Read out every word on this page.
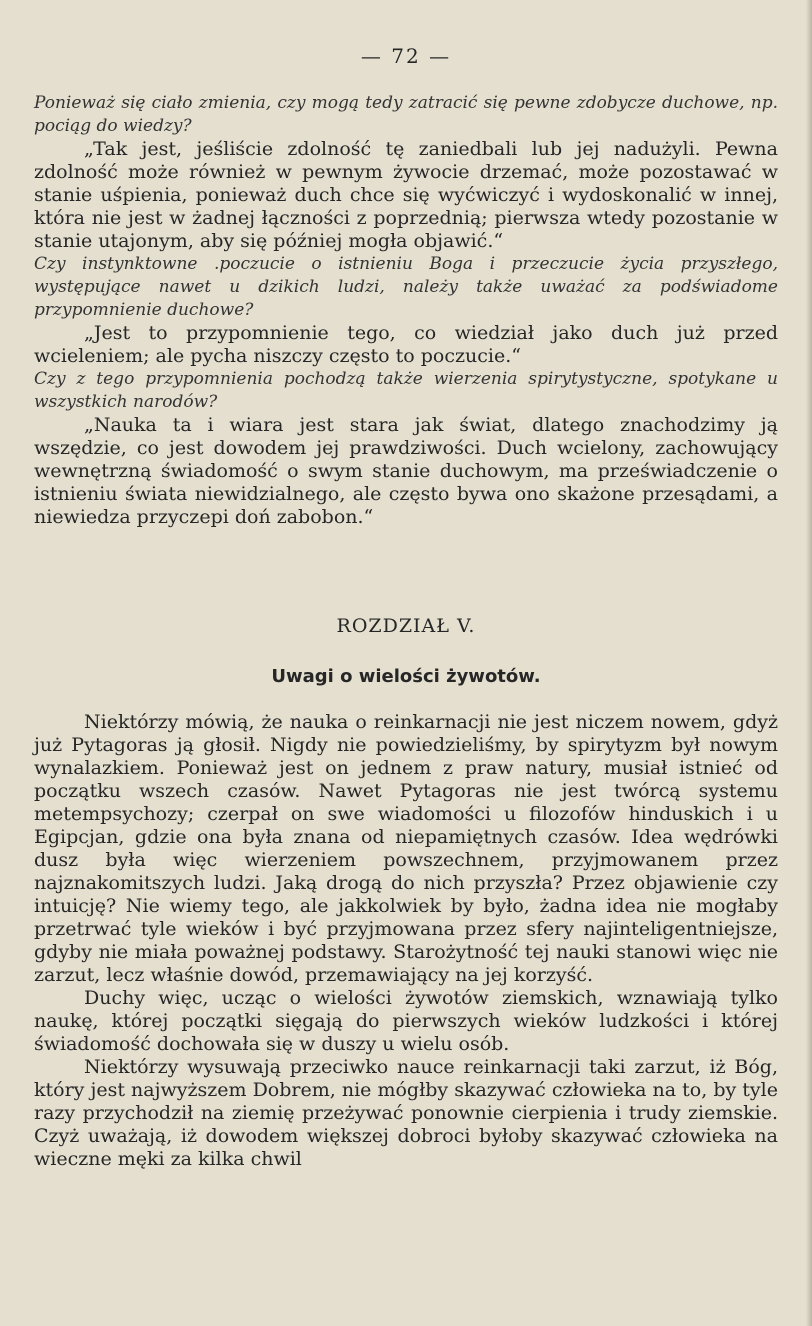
— 72 —

Ponieważ się ciało zmienia, czy mogą tedy zatracić się pewne zdobycze duchowe, np. pociąg do wiedzy?

„Tak jest, jeśliście zdolność tę zaniedbali lub jej nadużyli. Pewna zdolność może również w pewnym żywocie drzemać, może pozostawać w stanie uśpienia, ponieważ duch chce się wyćwiczyć i wydoskonalić w innej, która nie jest w żadnej łączności z poprzednią; pierwsza wtedy pozostanie w stanie utajonym, aby się później mogła objawić.“

Czy instynktowne .poczucie o istnieniu Boga i przeczucie życia przyszłego, występujące nawet u dzikich ludzi, należy także uważać za podświadome przypomnienie duchowe?

„Jest to przypomnienie tego, co wiedział jako duch już przed wcieleniem; ale pycha niszczy często to poczucie.“

Czy z tego przypomnienia pochodzą także wierzenia spirytystyczne, spotykane u wszystkich narodów?

„Nauka ta i wiara jest stara jak świat, dlatego znachodzimy ją wszędzie, co jest dowodem jej prawdziwości. Duch wcielony, zachowujący wewnętrzną świadomość o swym stanie duchowym, ma przeświadczenie o istnieniu świata niewidzialnego, ale często bywa ono skażone przesądami, a niewiedza przyczepi doń zabobon.“

ROZDZIAŁ V.
Uwagi o wielości żywotów.

Niektórzy mówią, że nauka o reinkarnacji nie jest niczem nowem, gdyż już Pytagoras ją głosił. Nigdy nie powiedzieliśmy, by spirytyzm był nowym wynalazkiem. Ponieważ jest on jednem z praw natury, musiał istnieć od początku wszech czasów. Nawet Pytagoras nie jest twórcą systemu metempsychozy; czerpał on swe wiadomości u filozofów hinduskich i u Egipcjan, gdzie ona była znana od niepamiętnych czasów. Idea wędrówki dusz była więc wierzeniem powszechnem, przyjmowanem przez najznakomitszych ludzi. Jaką drogą do nich przyszła? Przez objawienie czy intuicję? Nie wiemy tego, ale jakkolwiek by było, żadna idea nie mogłaby przetrwać tyle wieków i być przyjmowana przez sfery najinteligentniejsze, gdyby nie miała poważnej podstawy. Starożytność tej nauki stanowi więc nie zarzut, lecz właśnie dowód, przemawiający na jej korzyść.

Duchy więc, ucząc o wielości żywotów ziemskich, wznawiają tylko naukę, której początki sięgają do pierwszych wieków ludzkości i której świadomość dochowała się w duszy u wielu osób.

Niektórzy wysuwają przeciwko nauce reinkarnacji taki zarzut, iż Bóg, który jest najwyższem Dobrem, nie mógłby skazywać człowieka na to, by tyle razy przychodził na ziemię przeżywać ponownie cierpienia i trudy ziemskie. Czyż uważają, iż dowodem większej dobroci byłoby skazywać człowieka na wieczne męki za kilka chwil
